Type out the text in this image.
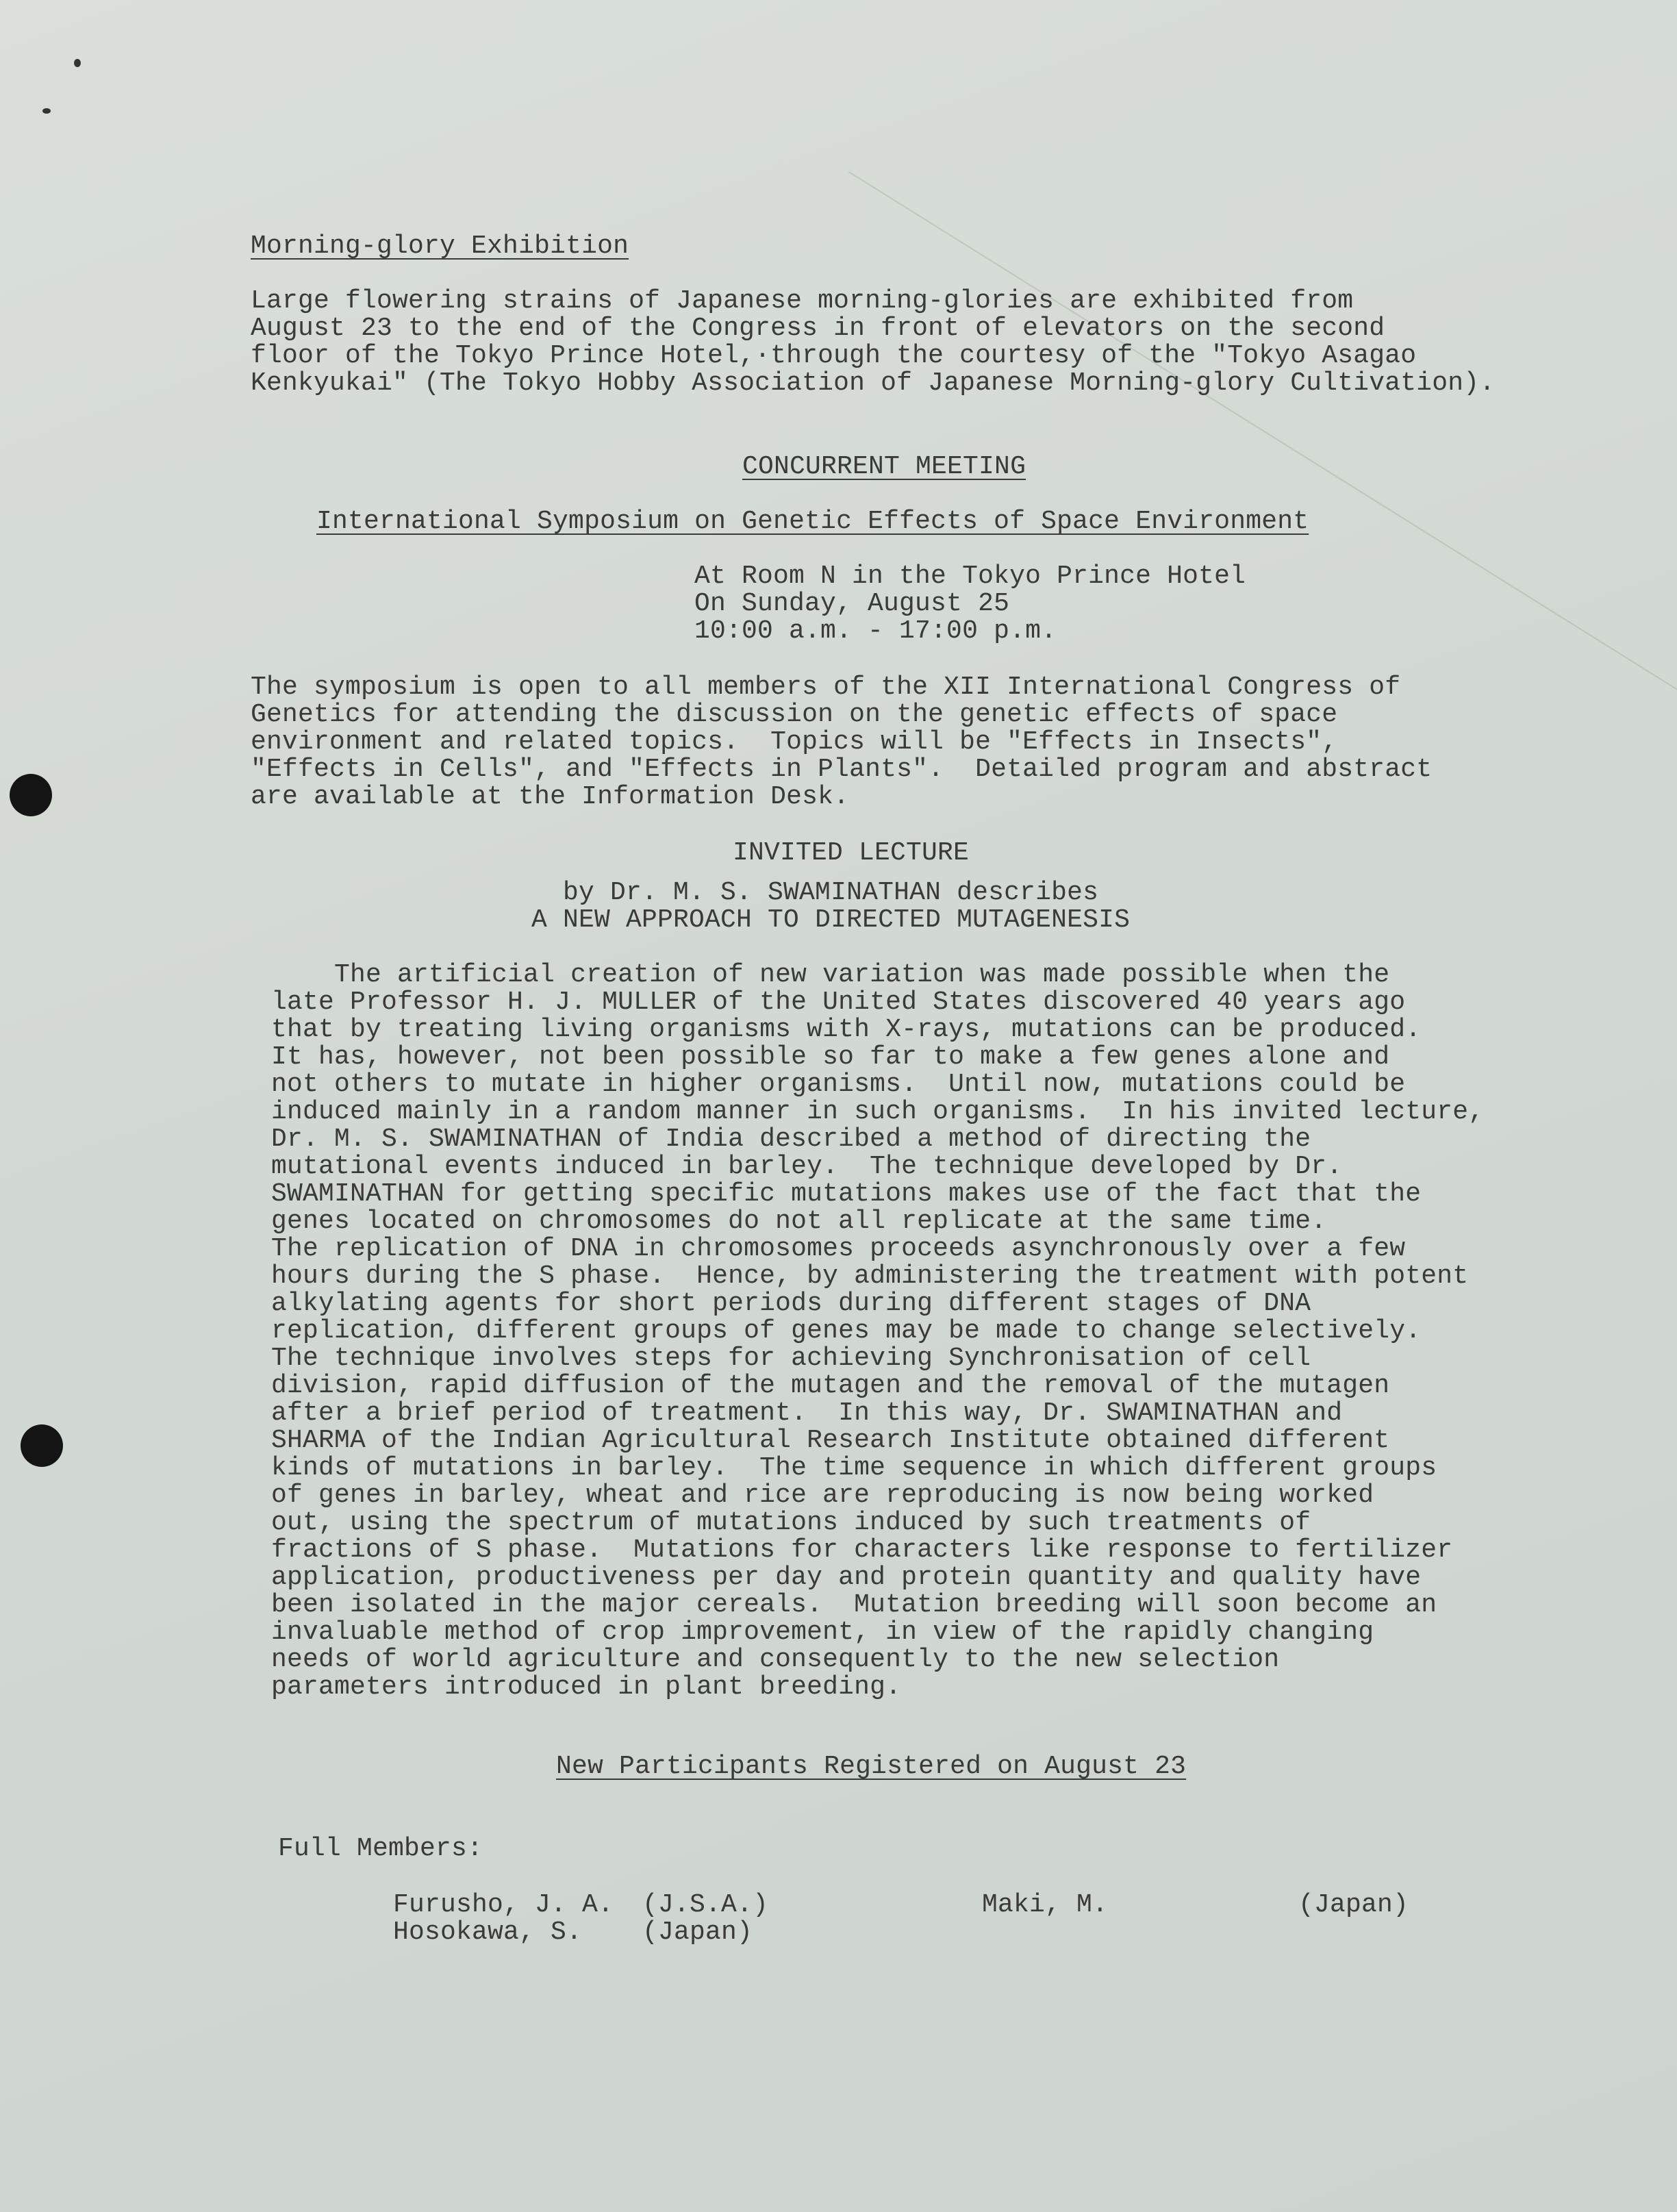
Morning-glory Exhibition
Large flowering strains of Japanese morning-glories are exhibited from
August 23 to the end of the Congress in front of elevators on the second
floor of the Tokyo Prince Hotel,·through the courtesy of the "Tokyo Asagao
Kenkyukai" (The Tokyo Hobby Association of Japanese Morning-glory Cultivation).
CONCURRENT MEETING
International Symposium on Genetic Effects of Space Environment
At Room N in the Tokyo Prince Hotel
On Sunday, August 25
10:00 a.m. - 17:00 p.m.
The symposium is open to all members of the XII International Congress of
Genetics for attending the discussion on the genetic effects of space
environment and related topics.  Topics will be "Effects in Insects",
"Effects in Cells", and "Effects in Plants".  Detailed program and abstract
are available at the Information Desk.
INVITED LECTURE
by Dr. M. S. SWAMINATHAN describes
A NEW APPROACH TO DIRECTED MUTAGENESIS
The artificial creation of new variation was made possible when the
late Professor H. J. MULLER of the United States discovered 40 years ago
that by treating living organisms with X-rays, mutations can be produced.
It has, however, not been possible so far to make a few genes alone and
not others to mutate in higher organisms.  Until now, mutations could be
induced mainly in a random manner in such organisms.  In his invited lecture,
Dr. M. S. SWAMINATHAN of India described a method of directing the
mutational events induced in barley.  The technique developed by Dr.
SWAMINATHAN for getting specific mutations makes use of the fact that the
genes located on chromosomes do not all replicate at the same time.
The replication of DNA in chromosomes proceeds asynchronously over a few
hours during the S phase.  Hence, by administering the treatment with potent
alkylating agents for short periods during different stages of DNA
replication, different groups of genes may be made to change selectively.
The technique involves steps for achieving Synchronisation of cell
division, rapid diffusion of the mutagen and the removal of the mutagen
after a brief period of treatment.  In this way, Dr. SWAMINATHAN and
SHARMA of the Indian Agricultural Research Institute obtained different
kinds of mutations in barley.  The time sequence in which different groups
of genes in barley, wheat and rice are reproducing is now being worked
out, using the spectrum of mutations induced by such treatments of
fractions of S phase.  Mutations for characters like response to fertilizer
application, productiveness per day and protein quantity and quality have
been isolated in the major cereals.  Mutation breeding will soon become an
invaluable method of crop improvement, in view of the rapidly changing
needs of world agriculture and consequently to the new selection
parameters introduced in plant breeding.
New Participants Registered on August 23
Full Members:
Furusho, J. A. (J.S.A.)
Hosokawa, S. (Japan)
Maki, M.	(Japan)
